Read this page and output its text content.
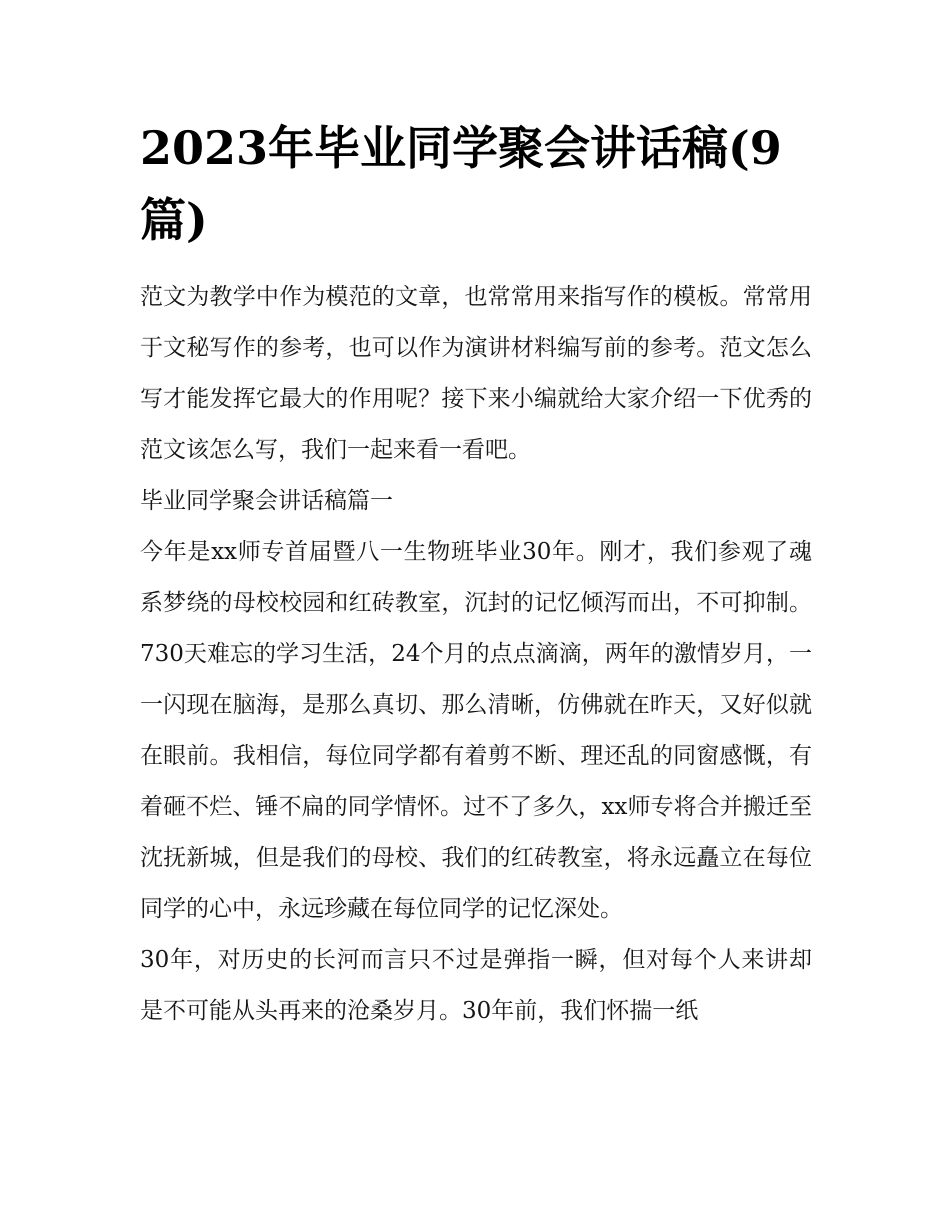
2023年毕业同学聚会讲话稿(9篇)

范文为教学中作为模范的文章，也常常用来指写作的模板。常常用于文秘写作的参考，也可以作为演讲材料编写前的参考。范文怎么写才能发挥它最大的作用呢？接下来小编就给大家介绍一下优秀的范文该怎么写，我们一起来看一看吧。

毕业同学聚会讲话稿篇一

今年是xx师专首届暨八一生物班毕业30年。刚才，我们参观了魂系梦绕的母校校园和红砖教室，沉封的记忆倾泻而出，不可抑制。730天难忘的学习生活，24个月的点点滴滴，两年的激情岁月，一一闪现在脑海，是那么真切、那么清晰，仿佛就在昨天，又好似就在眼前。我相信，每位同学都有着剪不断、理还乱的同窗感慨，有着砸不烂、锤不扁的同学情怀。过不了多久，xx师专将合并搬迁至沈抚新城，但是我们的母校、我们的红砖教室，将永远矗立在每位同学的心中，永远珍藏在每位同学的记忆深处。

30年，对历史的长河而言只不过是弹指一瞬，但对每个人来讲却是不可能从头再来的沧桑岁月。30年前，我们怀揣一纸
